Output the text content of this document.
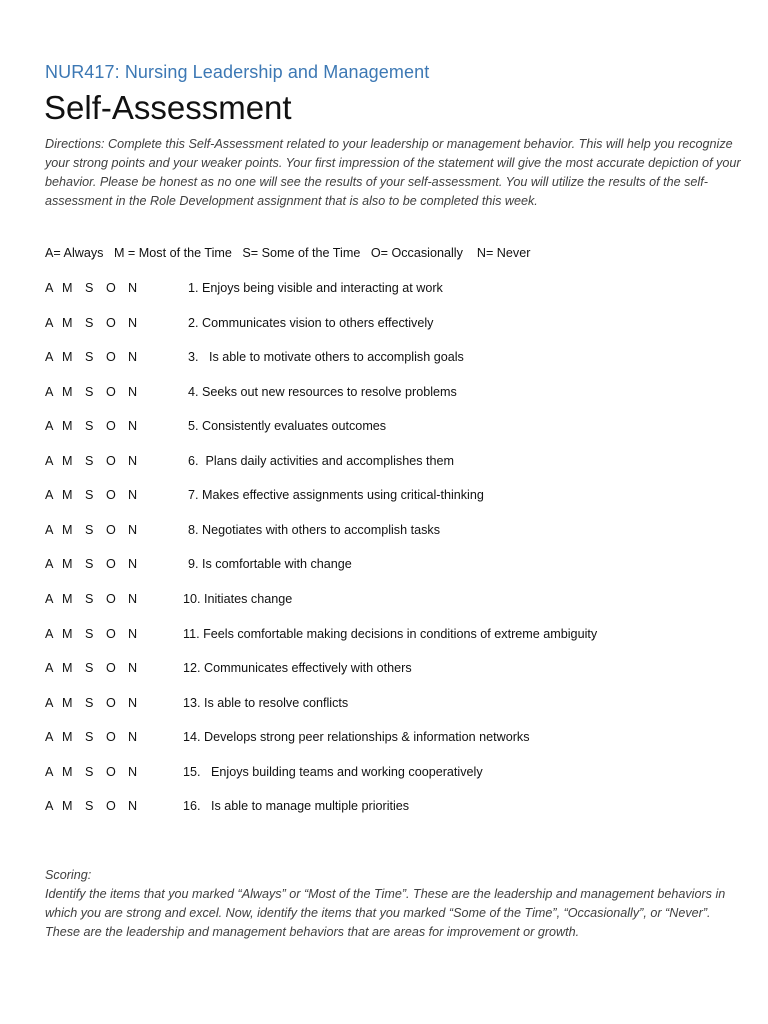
NUR417: Nursing Leadership and Management
Self-Assessment
Directions: Complete this Self-Assessment related to your leadership or management behavior. This will help you recognize your strong points and your weaker points. Your first impression of the statement will give the most accurate depiction of your behavior. Please be honest as no one will see the results of your self-assessment. You will utilize the results of the self-assessment in the Role Development assignment that is also to be completed this week.
A= Always   M = Most of the Time   S= Some of the Time   O= Occasionally    N= Never
A M S O N	1. Enjoys being visible and interacting at work
A M S O N	2. Communicates vision to others effectively
A M S O N	3.   Is able to motivate others to accomplish goals
A M S O N	4. Seeks out new resources to resolve problems
A M S O N	5. Consistently evaluates outcomes
A M S O N	6.  Plans daily activities and accomplishes them
A M S O N	7. Makes effective assignments using critical-thinking
A M S O N	8. Negotiates with others to accomplish tasks
A M S O N	9. Is comfortable with change
A M S O N	10. Initiates change
A M S O N	11. Feels comfortable making decisions in conditions of extreme ambiguity
A M S O N	12. Communicates effectively with others
A M S O N	13. Is able to resolve conflicts
A M S O N	14. Develops strong peer relationships & information networks
A M S O N	15.   Enjoys building teams and working cooperatively
A M S O N	16.   Is able to manage multiple priorities

Scoring:

Identify the items that you marked “Always” or “Most of the Time”. These are the leadership and management behaviors in which you are strong and excel. Now, identify the items that you marked “Some of the Time”, “Occasionally”, or “Never”. These are the leadership and management behaviors that are areas for improvement or growth.
